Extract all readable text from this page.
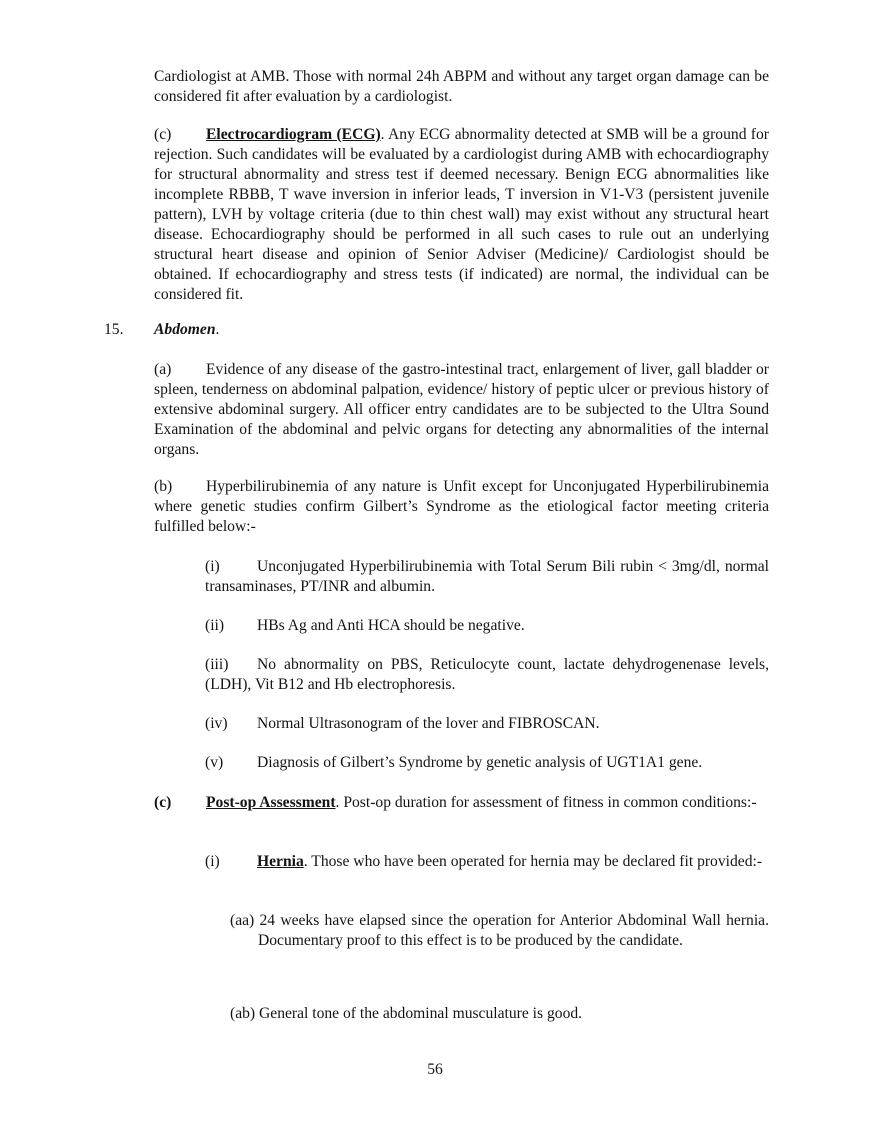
Cardiologist at AMB. Those with normal 24h ABPM and without any target organ damage can be considered fit after evaluation by a cardiologist.
(c) Electrocardiogram (ECG). Any ECG abnormality detected at SMB will be a ground for rejection. Such candidates will be evaluated by a cardiologist during AMB with echocardiography for structural abnormality and stress test if deemed necessary. Benign ECG abnormalities like incomplete RBBB, T wave inversion in inferior leads, T inversion in V1-V3 (persistent juvenile pattern), LVH by voltage criteria (due to thin chest wall) may exist without any structural heart disease. Echocardiography should be performed in all such cases to rule out an underlying structural heart disease and opinion of Senior Adviser (Medicine)/ Cardiologist should be obtained. If echocardiography and stress tests (if indicated) are normal, the individual can be considered fit.
15. Abdomen.
(a) Evidence of any disease of the gastro-intestinal tract, enlargement of liver, gall bladder or spleen, tenderness on abdominal palpation, evidence/ history of peptic ulcer or previous history of extensive abdominal surgery. All officer entry candidates are to be subjected to the Ultra Sound Examination of the abdominal and pelvic organs for detecting any abnormalities of the internal organs.
(b) Hyperbilirubinemia of any nature is Unfit except for Unconjugated Hyperbilirubinemia where genetic studies confirm Gilbert’s Syndrome as the etiological factor meeting criteria fulfilled below:-
(i) Unconjugated Hyperbilirubinemia with Total Serum Bili rubin < 3mg/dl, normal transaminases, PT/INR and albumin.
(ii) HBs Ag and Anti HCA should be negative.
(iii) No abnormality on PBS, Reticulocyte count, lactate dehydrogenenase levels, (LDH), Vit B12 and Hb electrophoresis.
(iv) Normal Ultrasonogram of the lover and FIBROSCAN.
(v) Diagnosis of Gilbert’s Syndrome by genetic analysis of UGT1A1 gene.
(c) Post-op Assessment. Post-op duration for assessment of fitness in common conditions:-
(i) Hernia. Those who have been operated for hernia may be declared fit provided:-
(aa) 24 weeks have elapsed since the operation for Anterior Abdominal Wall hernia. Documentary proof to this effect is to be produced by the candidate.
(ab) General tone of the abdominal musculature is good.
56
